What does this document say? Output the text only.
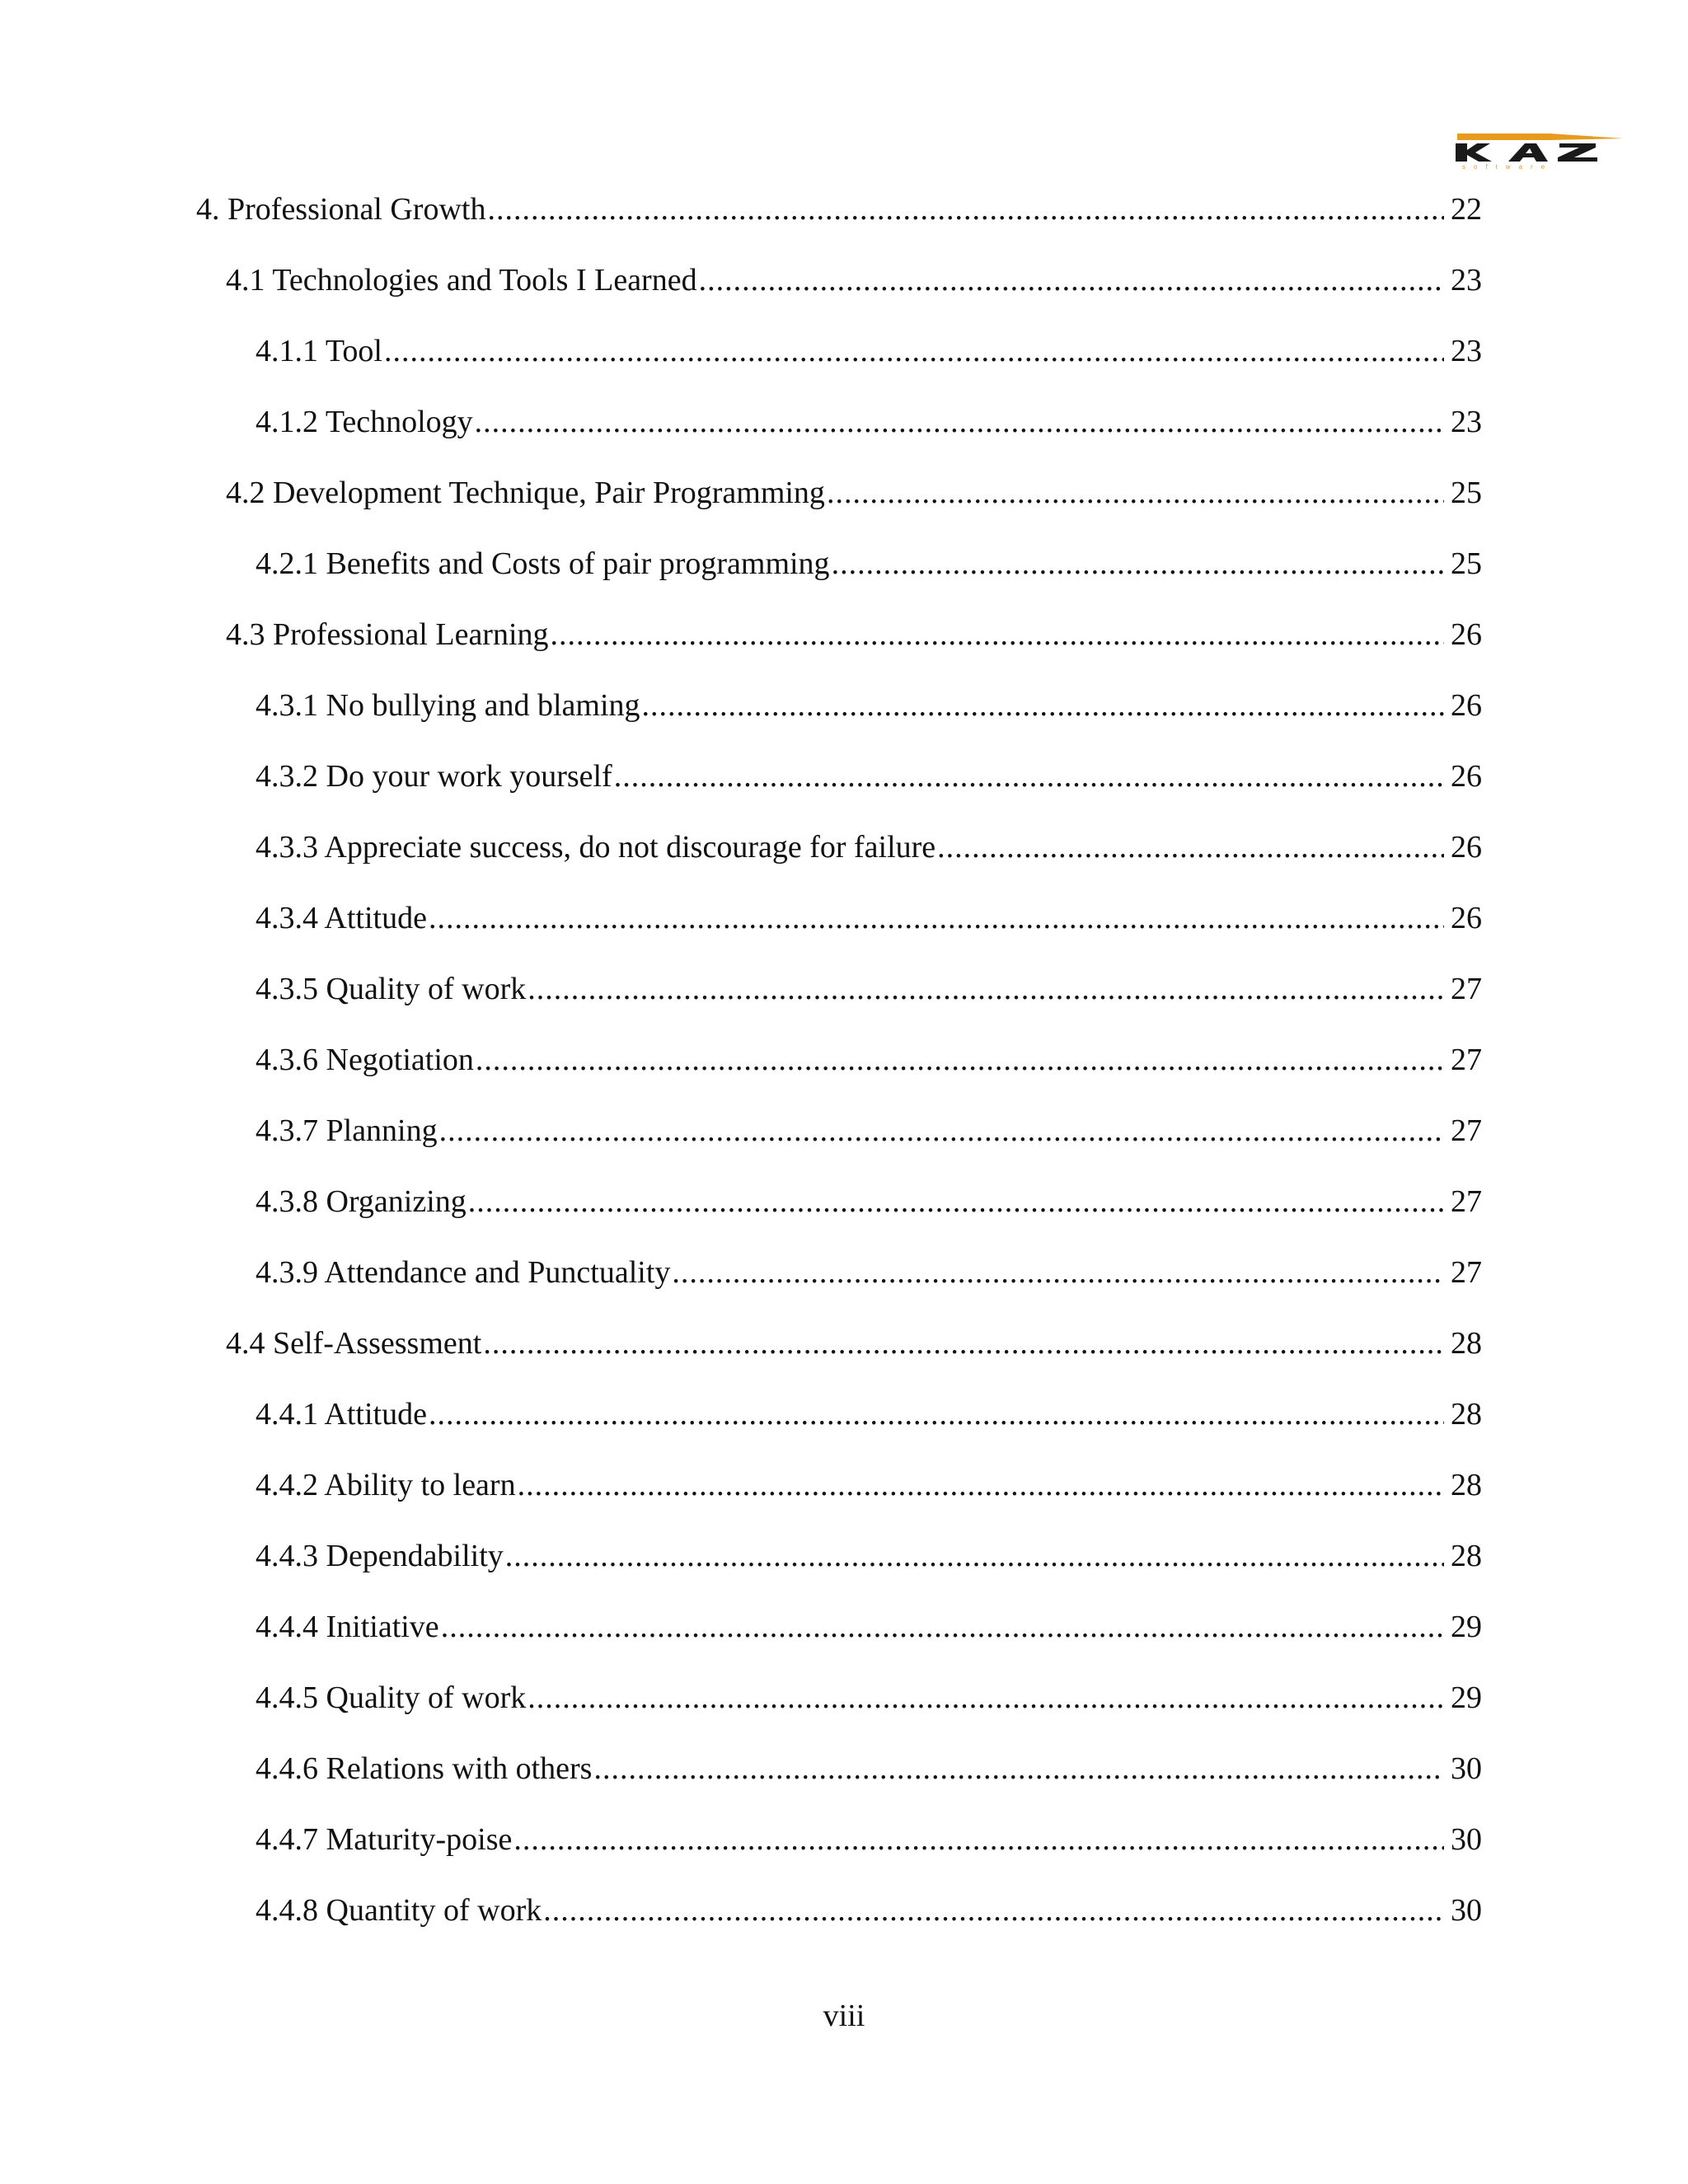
software
4. Professional Growth .....	22
4.1 Technologies and Tools I Learned .....	23
4.1.1 Tool .....	23
4.1.2 Technology .....	23
4.2 Development Technique, Pair Programming .....	25
4.2.1 Benefits and Costs of pair programming .....	25
4.3 Professional Learning .....	26
4.3.1 No bullying and blaming .....	26
4.3.2 Do your work yourself .....	26
4.3.3 Appreciate success, do not discourage for failure .....	26
4.3.4 Attitude .....	26
4.3.5 Quality of work .....	27
4.3.6 Negotiation .....	27
4.3.7 Planning .....	27
4.3.8 Organizing .....	27
4.3.9 Attendance and Punctuality .....	27
4.4 Self-Assessment .....	28
4.4.1 Attitude .....	28
4.4.2 Ability to learn .....	28
4.4.3 Dependability .....	28
4.4.4 Initiative .....	29
4.4.5 Quality of work .....	29
4.4.6 Relations with others .....	30
4.4.7 Maturity-poise .....	30
4.4.8 Quantity of work .....	30
viii
